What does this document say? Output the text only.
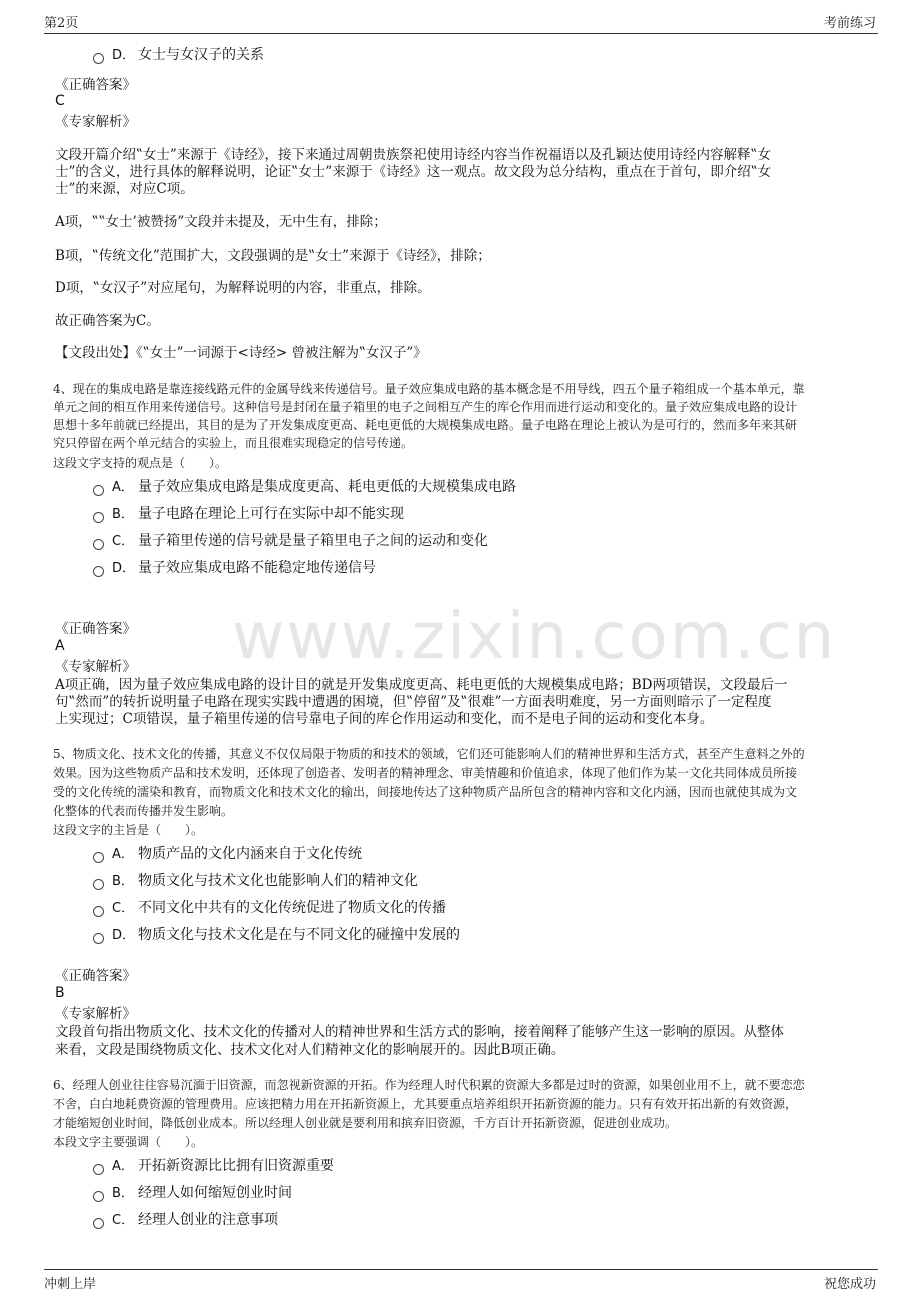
第2页	考前练习
www.zixin.com.cn
D． 女士与女汉子的关系
《正确答案》
C
《专家解析》
文段开篇介绍‟女士”来源于《诗经》，接下来通过周朝贵族祭祀使用诗经内容当作祝福语以及孔颖达使用诗经内容解释‟女
士”的含义，进行具体的解释说明，论证‟女士”来源于《诗经》这一观点。故文段为总分结构，重点在于首句，即介绍‟女
士”的来源，对应C项。
A项，‟‟女士’被赞扬”文段并未提及，无中生有，排除；
B项，‟传统文化”范围扩大，文段强调的是‟女士”来源于《诗经》，排除；
D项，‟女汉子”对应尾句，为解释说明的内容，非重点，排除。
故正确答案为C。
【文段出处】《‟女士”一词源于<诗经> 曾被注解为‟女汉子”》
4、现在的集成电路是靠连接线路元件的金属导线来传递信号。量子效应集成电路的基本概念是不用导线，四五个量子箱组成一个基本单元，靠
单元之间的相互作用来传递信号。这种信号是封闭在量子箱里的电子之间相互产生的库仑作用而进行运动和变化的。量子效应集成电路的设计
思想十多年前就已经提出，其目的是为了开发集成度更高、耗电更低的大规模集成电路。量子电路在理论上被认为是可行的，然而多年来其研
究只停留在两个单元结合的实验上，而且很难实现稳定的信号传递。
这段文字支持的观点是（　　）。
A． 量子效应集成电路是集成度更高、耗电更低的大规模集成电路
B． 量子电路在理论上可行在实际中却不能实现
C． 量子箱里传递的信号就是量子箱里电子之间的运动和变化
D． 量子效应集成电路不能稳定地传递信号
《正确答案》
A
《专家解析》
A项正确，因为量子效应集成电路的设计目的就是开发集成度更高、耗电更低的大规模集成电路；BD两项错误，文段最后一
句‟然而”的转折说明量子电路在现实实践中遭遇的困境，但‟停留”及‟很难”一方面表明难度，另一方面则暗示了一定程度
上实现过；C项错误，量子箱里传递的信号靠电子间的库仑作用运动和变化，而不是电子间的运动和变化本身。
5、物质文化、技术文化的传播，其意义不仅仅局限于物质的和技术的领域，它们还可能影响人们的精神世界和生活方式，甚至产生意料之外的
效果。因为这些物质产品和技术发明，还体现了创造者、发明者的精神理念、审美情趣和价值追求，体现了他们作为某一文化共同体成员所接
受的文化传统的濡染和教育，而物质文化和技术文化的输出，间接地传达了这种物质产品所包含的精神内容和文化内涵，因而也就使其成为文
化整体的代表而传播并发生影响。
这段文字的主旨是（　　）。
A． 物质产品的文化内涵来自于文化传统
B． 物质文化与技术文化也能影响人们的精神文化
C． 不同文化中共有的文化传统促进了物质文化的传播
D． 物质文化与技术文化是在与不同文化的碰撞中发展的
《正确答案》
B
《专家解析》
文段首句指出物质文化、技术文化的传播对人的精神世界和生活方式的影响，接着阐释了能够产生这一影响的原因。从整体
来看，文段是围绕物质文化、技术文化对人们精神文化的影响展开的。因此B项正确。
6、经理人创业往往容易沉湎于旧资源，而忽视新资源的开拓。作为经理人时代积累的资源大多都是过时的资源，如果创业用不上，就不要恋恋
不舍，白白地耗费资源的管理费用。应该把精力用在开拓新资源上，尤其要重点培养组织开拓新资源的能力。只有有效开拓出新的有效资源，
才能缩短创业时间，降低创业成本。所以经理人创业就是要利用和摈弃旧资源，千方百计开拓新资源，促进创业成功。
本段文字主要强调（　　）。
A． 开拓新资源比比拥有旧资源重要
B． 经理人如何缩短创业时间
C． 经理人创业的注意事项
冲刺上岸	祝您成功
